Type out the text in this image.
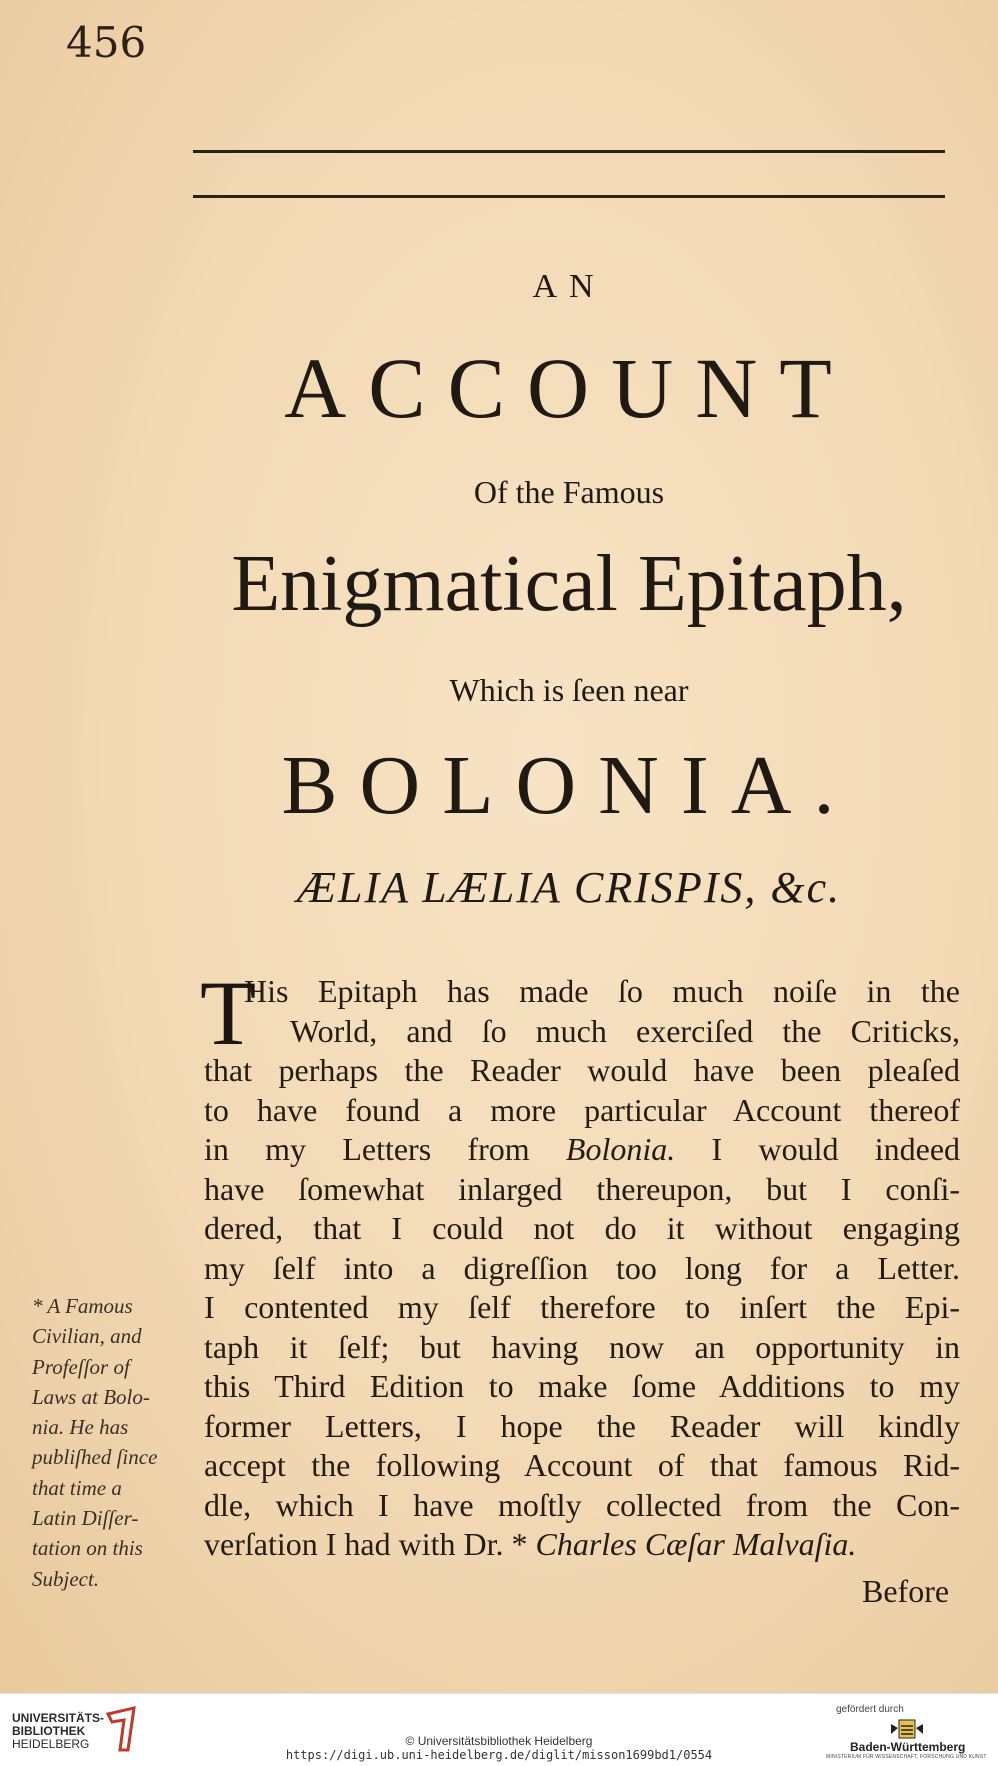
456
AN
ACCOUNT
Of the Famous
Enigmatical Epitaph,
Which is ſeen near
BOLONIA.
ÆLIA LÆLIA CRISPIS, &c.
T
His Epitaph has made ſo much noiſe in the
World, and ſo much exerciſed the Criticks,
that perhaps the Reader would have been pleaſed
to have found a more particular Account thereof
in my Letters from Bolonia. I would indeed
have ſomewhat inlarged thereupon, but I conſi-
dered, that I could not do it without engaging
my ſelf into a digreſſion too long for a Letter.
I contented my ſelf therefore to inſert the Epi-
taph it ſelf; but having now an opportunity in
this Third Edition to make ſome Additions to my
former Letters, I hope the Reader will kindly
accept the following Account of that famous Rid-
dle, which I have moſtly collected from the Con-
verſation I had with Dr. * Charles Cæſar Malvaſia.
Before
* A Famous
Civilian, and
Profeſſor of
Laws at Bolo-
nia. He has
publiſhed ſince
that time a
Latin Diſſer-
tation on this
Subject.
UNIVERSITÄTS-
BIBLIOTHEK
HEIDELBERG	© Universitätsbibliothek Heidelberg
https://digi.ub.uni-heidelberg.de/diglit/misson1699bd1/0554
gefördert durch
Baden-Württemberg
MINISTERIUM FÜR WISSENSCHAFT, FORSCHUNG UND KUNST
